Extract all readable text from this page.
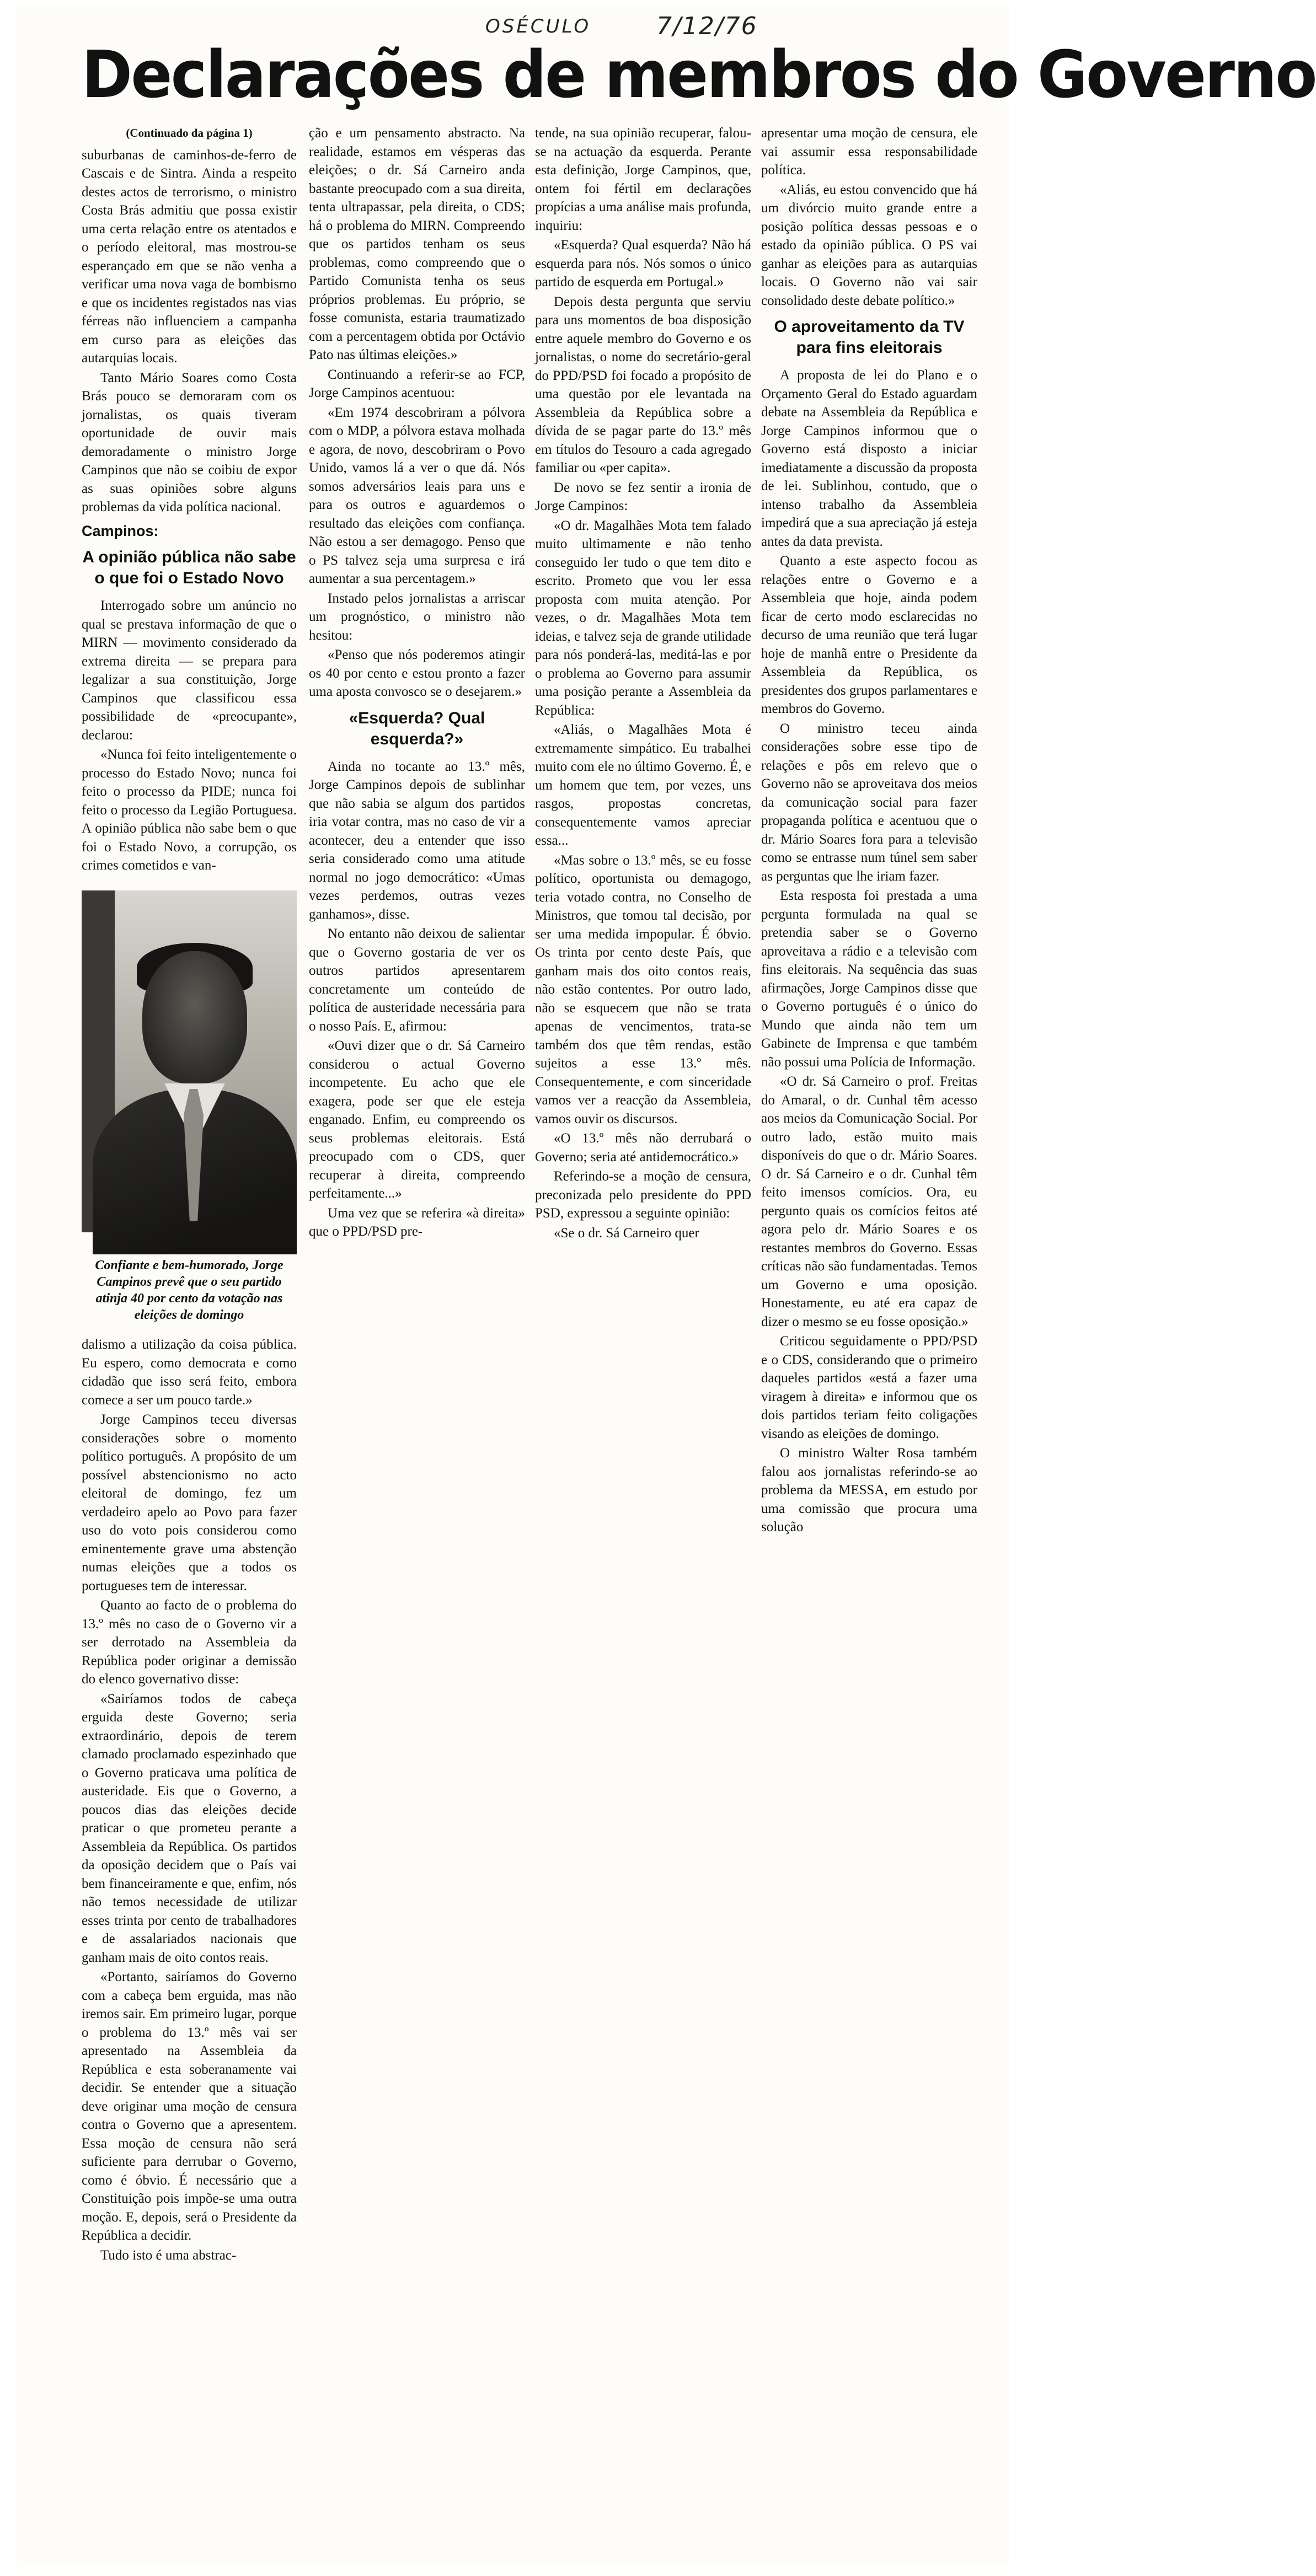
OSÉCULO	7/12/76
Declarações de membros do Governo
(Continuado da página 1)

suburbanas de caminhos-de-ferro de Cascais e de Sintra. Ainda a respeito destes actos de terrorismo, o ministro Costa Brás admitiu que possa existir uma certa relação entre os atentados e o período eleitoral, mas mostrou-se esperançado em que se não venha a verificar uma nova vaga de bombismo e que os incidentes registados nas vias férreas não influenciem a campanha em curso para as eleições das autarquias locais.

Tanto Mário Soares como Costa Brás pouco se demoraram com os jornalistas, os quais tiveram oportunidade de ouvir mais demoradamente o ministro Jorge Campinos que não se coibiu de expor as suas opiniões sobre alguns problemas da vida política nacional.

Campinos:
A opinião pública não sabe o que foi o Estado Novo

Interrogado sobre um anúncio no qual se prestava informação de que o MIRN — movimento considerado da extrema direita — se prepara para legalizar a sua constituição, Jorge Campinos que classificou essa possibilidade de «preocupante», declarou:

«Nunca foi feito inteligentemente o processo do Estado Novo; nunca foi feito o processo da PIDE; nunca foi feito o processo da Legião Portuguesa. A opinião pública não sabe bem o que foi o Estado Novo, a corrupção, os crimes cometidos e van-

Confiante e bem-humorado, Jorge Campinos prevê que o seu partido atinja 40 por cento da votação nas eleições de domingo

dalismo a utilização da coisa pública. Eu espero, como democrata e como cidadão que isso será feito, embora comece a ser um pouco tarde.»

Jorge Campinos teceu diversas considerações sobre o momento político português. A propósito de um possível abstencionismo no acto eleitoral de domingo, fez um verdadeiro apelo ao Povo para fazer uso do voto pois considerou como eminentemente grave uma abstenção numas eleições que a todos os portugueses tem de interessar.

Quanto ao facto de o problema do 13.º mês no caso de o Governo vir a ser derrotado na Assembleia da República poder originar a demissão do elenco governativo disse:

«Sairíamos todos de cabeça erguida deste Governo; seria extraordinário, depois de terem clamado proclamado espezinhado que o Governo praticava uma política de austeridade. Eis que o Governo, a poucos dias das eleições decide praticar o que prometeu perante a Assembleia da República. Os partidos da oposição decidem que o País vai bem financeiramente e que, enfim, nós não temos necessidade de utilizar esses trinta por cento de trabalhadores e de assalariados nacionais que ganham mais de oito contos reais.

«Portanto, sairíamos do Governo com a cabeça bem erguida, mas não iremos sair. Em primeiro lugar, porque o problema do 13.º mês vai ser apresentado na Assembleia da República e esta soberanamente vai decidir. Se entender que a situação deve originar uma moção de censura contra o Governo que a apresentem. Essa moção de censura não será suficiente para derrubar o Governo, como é óbvio. É necessário que a Constituição pois impõe-se uma outra moção. E, depois, será o Presidente da República a decidir.

Tudo isto é uma abstrac-

ção e um pensamento abstracto. Na realidade, estamos em vésperas das eleições; o dr. Sá Carneiro anda bastante preocupado com a sua direita, tenta ultrapassar, pela direita, o CDS; há o problema do MIRN. Compreendo que os partidos tenham os seus problemas, como compreendo que o Partido Comunista tenha os seus próprios problemas. Eu próprio, se fosse comunista, estaria traumatizado com a percentagem obtida por Octávio Pato nas últimas eleições.»

Continuando a referir-se ao FCP, Jorge Campinos acentuou:

«Em 1974 descobriram a pólvora com o MDP, a pólvora estava molhada e agora, de novo, descobriram o Povo Unido, vamos lá a ver o que dá. Nós somos adversários leais para uns e para os outros e aguardemos o resultado das eleições com confiança. Não estou a ser demagogo. Penso que o PS talvez seja uma surpresa e irá aumentar a sua percentagem.»

Instado pelos jornalistas a arriscar um prognóstico, o ministro não hesitou:

«Penso que nós poderemos atingir os 40 por cento e estou pronto a fazer uma aposta convosco se o desejarem.»

«Esquerda? Qual esquerda?»

Ainda no tocante ao 13.º mês, Jorge Campinos depois de sublinhar que não sabia se algum dos partidos iria votar contra, mas no caso de vir a acontecer, deu a entender que isso seria considerado como uma atitude normal no jogo democrático: «Umas vezes perdemos, outras vezes ganhamos», disse.

No entanto não deixou de salientar que o Governo gostaria de ver os outros partidos apresentarem concretamente um conteúdo de política de austeridade necessária para o nosso País. E, afirmou:

«Ouvi dizer que o dr. Sá Carneiro considerou o actual Governo incompetente. Eu acho que ele exagera, pode ser que ele esteja enganado. Enfim, eu compreendo os seus problemas eleitorais. Está preocupado com o CDS, quer recuperar à direita, compreendo perfeitamente...»

Uma vez que se referira «à direita» que o PPD/PSD pre-

tende, na sua opinião recuperar, falou-se na actuação da esquerda. Perante esta definição, Jorge Campinos, que, ontem foi fértil em declarações propícias a uma análise mais profunda, inquiriu:

«Esquerda? Qual esquerda? Não há esquerda para nós. Nós somos o único partido de esquerda em Portugal.»

Depois desta pergunta que serviu para uns momentos de boa disposição entre aquele membro do Governo e os jornalistas, o nome do secretário-geral do PPD/PSD foi focado a propósito de uma questão por ele levantada na Assembleia da República sobre a dívida de se pagar parte do 13.º mês em títulos do Tesouro a cada agregado familiar ou «per capita».

De novo se fez sentir a ironia de Jorge Campinos:

«O dr. Magalhães Mota tem falado muito ultimamente e não tenho conseguido ler tudo o que tem dito e escrito. Prometo que vou ler essa proposta com muita atenção. Por vezes, o dr. Magalhães Mota tem ideias, e talvez seja de grande utilidade para nós ponderá-las, meditá-las e por o problema ao Governo para assumir uma posição perante a Assembleia da República:

«Aliás, o Magalhães Mota é extremamente simpático. Eu trabalhei muito com ele no último Governo. É, e um homem que tem, por vezes, uns rasgos, propostas concretas, consequentemente vamos apreciar essa...

«Mas sobre o 13.º mês, se eu fosse político, oportunista ou demagogo, teria votado contra, no Conselho de Ministros, que tomou tal decisão, por ser uma medida impopular. É óbvio. Os trinta por cento deste País, que ganham mais dos oito contos reais, não estão contentes. Por outro lado, não se esquecem que não se trata apenas de vencimentos, trata-se também dos que têm rendas, estão sujeitos a esse 13.º mês. Consequentemente, e com sinceridade vamos ver a reacção da Assembleia, vamos ouvir os discursos.

«O 13.º mês não derrubará o Governo; seria até antidemocrático.»

Referindo-se a moção de censura, preconizada pelo presidente do PPD PSD, expressou a seguinte opinião:

«Se o dr. Sá Carneiro quer

apresentar uma moção de censura, ele vai assumir essa responsabilidade política.

«Aliás, eu estou convencido que há um divórcio muito grande entre a posição política dessas pessoas e o estado da opinião pública. O PS vai ganhar as eleições para as autarquias locais. O Governo não vai sair consolidado deste debate político.»

O aproveitamento da TV para fins eleitorais

A proposta de lei do Plano e o Orçamento Geral do Estado aguardam debate na Assembleia da República e Jorge Campinos informou que o Governo está disposto a iniciar imediatamente a discussão da proposta de lei. Sublinhou, contudo, que o intenso trabalho da Assembleia impedirá que a sua apreciação já esteja antes da data prevista.

Quanto a este aspecto focou as relações entre o Governo e a Assembleia que hoje, ainda podem ficar de certo modo esclarecidas no decurso de uma reunião que terá lugar hoje de manhã entre o Presidente da Assembleia da República, os presidentes dos grupos parlamentares e membros do Governo.

O ministro teceu ainda considerações sobre esse tipo de relações e pôs em relevo que o Governo não se aproveitava dos meios da comunicação social para fazer propaganda política e acentuou que o dr. Mário Soares fora para a televisão como se entrasse num túnel sem saber as perguntas que lhe iriam fazer.

Esta resposta foi prestada a uma pergunta formulada na qual se pretendia saber se o Governo aproveitava a rádio e a televisão com fins eleitorais. Na sequência das suas afirmações, Jorge Campinos disse que o Governo português é o único do Mundo que ainda não tem um Gabinete de Imprensa e que também não possui uma Polícia de Informação.

«O dr. Sá Carneiro o prof. Freitas do Amaral, o dr. Cunhal têm acesso aos meios da Comunicação Social. Por outro lado, estão muito mais disponíveis do que o dr. Mário Soares. O dr. Sá Carneiro e o dr. Cunhal têm feito imensos comícios. Ora, eu pergunto quais os comícios feitos até agora pelo dr. Mário Soares e os restantes membros do Governo. Essas críticas não são fundamentadas. Temos um Governo e uma oposição. Honestamente, eu até era capaz de dizer o mesmo se eu fosse oposição.»

Criticou seguidamente o PPD/PSD e o CDS, considerando que o primeiro daqueles partidos «está a fazer uma viragem à direita» e informou que os dois partidos teriam feito coligações visando as eleições de domingo.

O ministro Walter Rosa também falou aos jornalistas referindo-se ao problema da MESSA, em estudo por uma comissão que procura uma solução
